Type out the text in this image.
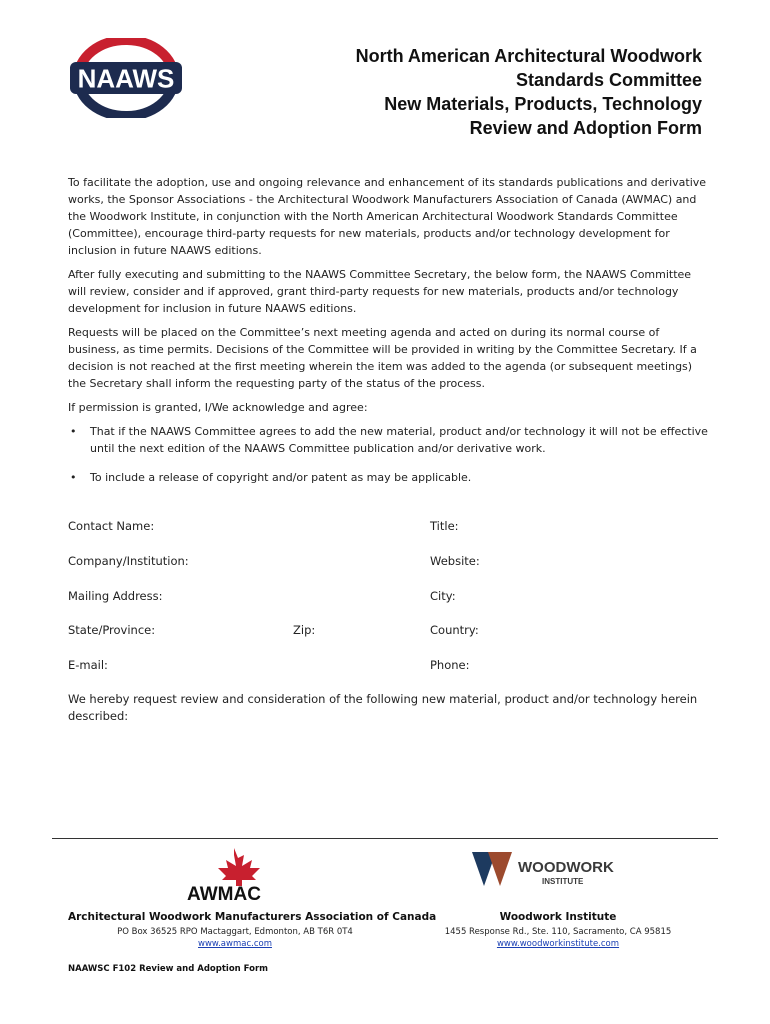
NAAWS
North American Architectural Woodwork
Standards Committee
New Materials, Products, Technology
Review and Adoption Form

To facilitate the adoption, use and ongoing relevance and enhancement of its standards publications and derivative works, the Sponsor Associations - the Architectural Woodwork Manufacturers Association of Canada (AWMAC) and the Woodwork Institute, in conjunction with the North American Architectural Woodwork Standards Committee (Committee), encourage third-party requests for new materials, products and/or technology development for inclusion in future NAAWS editions.

After fully executing and submitting to the NAAWS Committee Secretary, the below form, the NAAWS Committee will review, consider and if approved, grant third-party requests for new materials, products and/or technology development for inclusion in future NAAWS editions.

Requests will be placed on the Committee’s next meeting agenda and acted on during its normal course of business, as time permits. Decisions of the Committee will be provided in writing by the Committee Secretary. If a decision is not reached at the first meeting wherein the item was added to the agenda (or subsequent meetings) the Secretary shall inform the requesting party of the status of the process.

If permission is granted, I/We acknowledge and agree:

• That if the NAAWS Committee agrees to add the new material, product and/or technology it will not be effective until the next edition of the NAAWS Committee publication and/or derivative work.
• To include a release of copyright and/or patent as may be applicable.
Contact Name:	Title:
Company/Institution:	Website:
Mailing Address:	City:
State/Province:	Zip:	Country:
E-mail:	Phone:
We hereby request review and consideration of the following new material, product and/or technology herein described:
AWMAC
WOODWORK
INSTITUTE
Architectural Woodwork Manufacturers Association of Canada
PO Box 36525 RPO Mactaggart, Edmonton, AB T6R 0T4
www.awmac.com
Woodwork Institute
1455 Response Rd., Ste. 110, Sacramento, CA 95815
www.woodworkinstitute.com
NAAWSC F102 Review and Adoption Form
